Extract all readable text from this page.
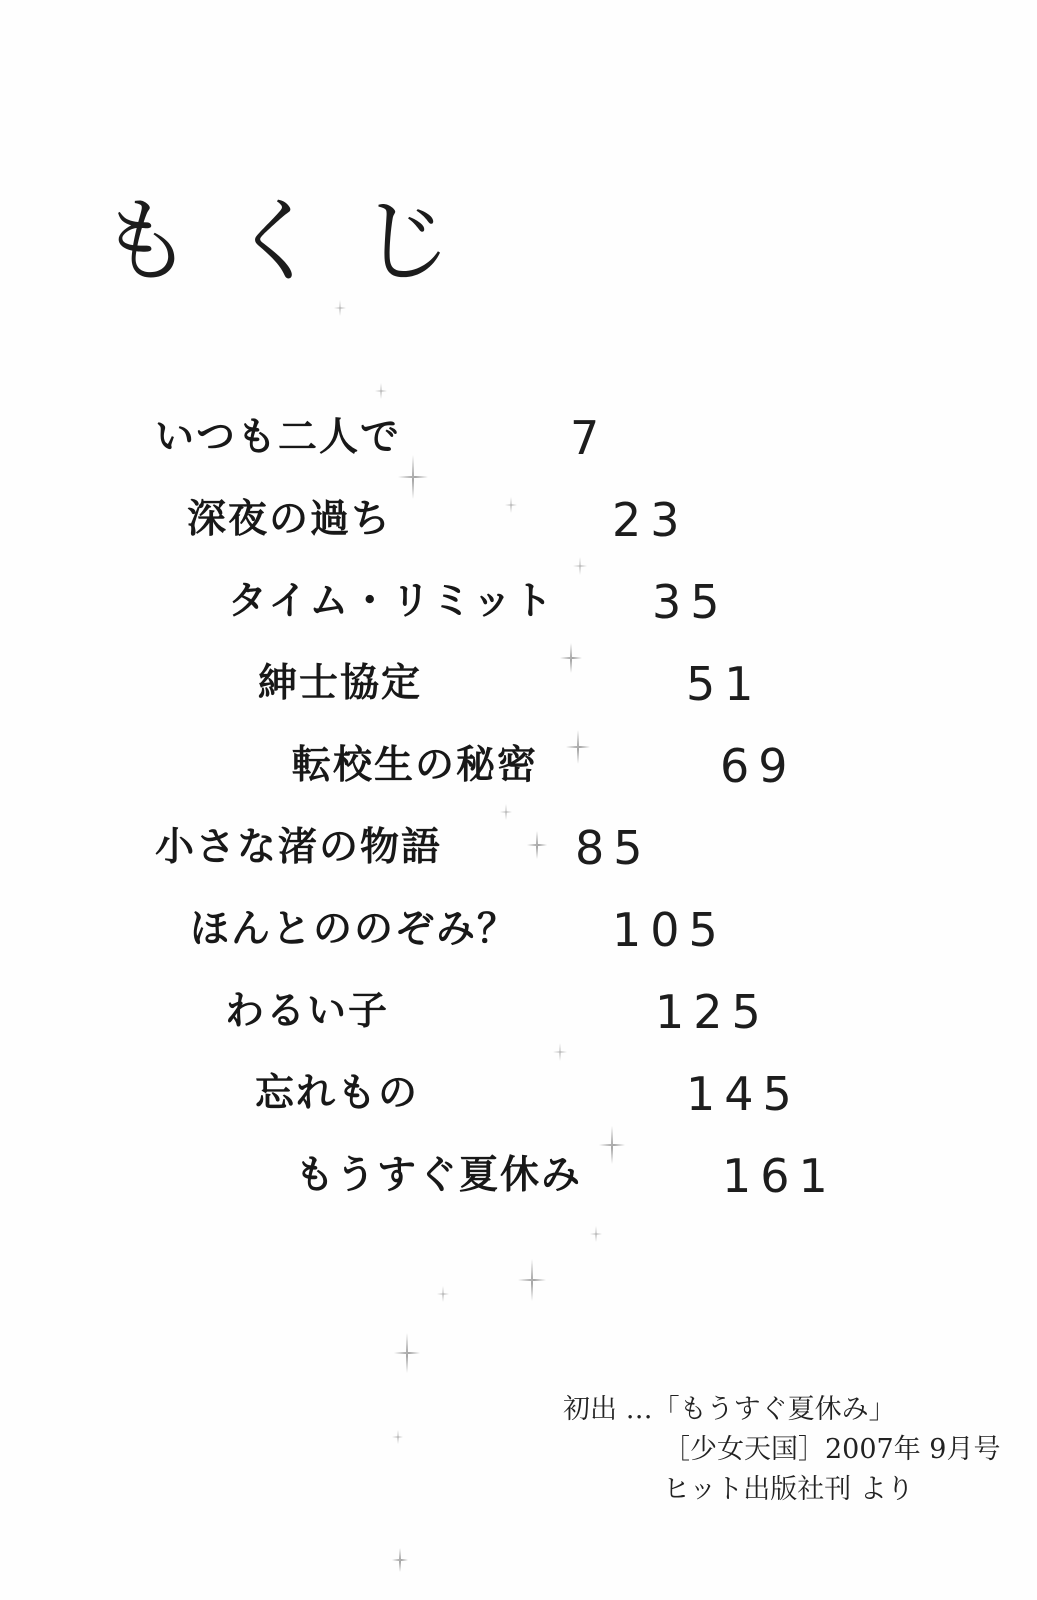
もくじ
いつも二人で	7
深夜の過ち	23
タイム・リミット 35
紳士協定	51
転校生の秘密	69
小さな渚の物語	85
ほんとののぞみ？ 105
わるい子	125
忘れもの	145
もうすぐ夏休み	161
初出 …「もうすぐ夏休み」
［少女天国］2007年 9月号
ヒット出版社刊 より
